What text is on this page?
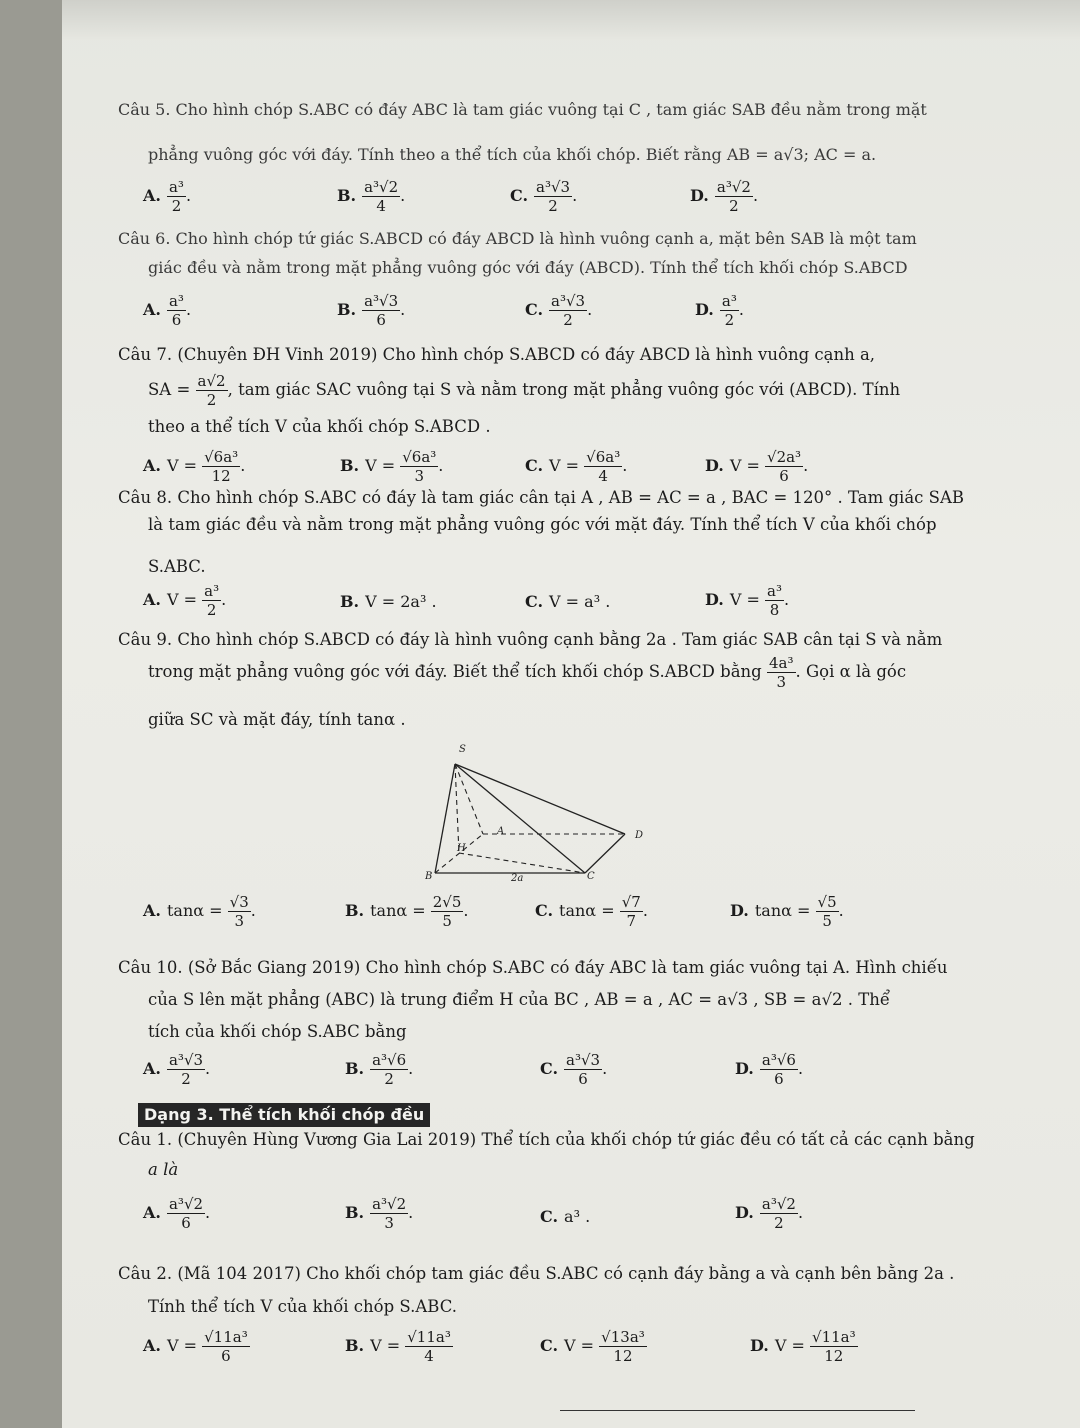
Câu 5. Cho hình chóp S.ABC có đáy ABC là tam giác vuông tại C , tam giác SAB đều nằm trong mặt
phẳng vuông góc với đáy. Tính theo a thể tích của khối chóp. Biết rằng AB = a√3; AC = a.
A. $\frac{\text{a³}}{2}$ .	B. $\frac{\text{a³√2}}{4}$ .	C. $\frac{\text{a³√3}}{2}$ .	D. $\frac{\text{a³√2}}{2}$ .
Câu 6. Cho hình chóp tứ giác S.ABCD có đáy ABCD là hình vuông cạnh a, mặt bên SAB là một tam
giác đều và nằm trong mặt phẳng vuông góc với đáy (ABCD). Tính thể tích khối chóp S.ABCD
A. $\frac{\text{a³}}{6}$ .	B. $\frac{\text{a³√3}}{6}$ .	C. $\frac{\text{a³√3}}{2}$ .	D. $\frac{\text{a³}}{2}$ .
Câu 7. (Chuyên ĐH Vinh 2019) Cho hình chóp S.ABCD có đáy ABCD là hình vuông cạnh a,
SA = $\frac{a√2}{2}$ , tam giác SAC vuông tại S và nằm trong mặt phẳng vuông góc với (ABCD). Tính
theo a thể tích V của khối chóp S.ABCD .
A. $V = \frac{\text{√6a³}}{12}$ .	B. $V = \frac{\text{√6a³}}{3}$ .	C. $V = \frac{\text{√6a³}}{4}$ .	D. $V = \frac{\text{√2a³}}{6}$ .
Câu 8. Cho hình chóp S.ABC có đáy là tam giác cân tại A , AB = AC = a , BAC = 120° . Tam giác SAB
là tam giác đều và nằm trong mặt phẳng vuông góc với mặt đáy. Tính thể tích V của khối chóp
S.ABC.
A. $V = \frac{\text{a³}}{2}$ .	B. V = 2a³ .	C. V = a³ .	D. $V = \frac{\text{a³}}{8}$ .
Câu 9. Cho hình chóp S.ABCD có đáy là hình vuông cạnh bằng 2a . Tam giác SAB cân tại S và nằm
trong mặt phẳng vuông góc với đáy. Biết thể tích khối chóp S.ABCD bằng $\frac{\text{4a³}}{3}$ . Gọi α là góc
giữa SC và mặt đáy, tính tanα .
S
A	D
H
B	C
2a
A. $\tan\alpha = \frac{√3}{3}$ .	B. $\tan\alpha = \frac{2√5}{5}$ .	C. $\tan\alpha = \frac{√7}{7}$ .	D. $\tan\alpha = \frac{√5}{5}$ .
Câu 10. (Sở Bắc Giang 2019) Cho hình chóp S.ABC có đáy ABC là tam giác vuông tại A. Hình chiếu
của S lên mặt phẳng (ABC) là trung điểm H của BC , AB = a , AC = a√3 , SB = a√2 . Thể
tích của khối chóp S.ABC bằng
A. $\frac{\text{a³√3}}{2}$ .	B. $\frac{\text{a³√6}}{2}$ .	C. $\frac{\text{a³√3}}{6}$ .	D. $\frac{\text{a³√6}}{6}$ .
Dạng 3. Thể tích khối chóp đều
Câu 1. (Chuyên Hùng Vương Gia Lai 2019) Thể tích của khối chóp tứ giác đều có tất cả các cạnh bằng
a là
A. $\frac{\text{a³√2}}{6}$ .	B. $\frac{\text{a³√2}}{3}$ .	C. a³ .	D. $\frac{\text{a³√2}}{2}$ .
Câu 2. (Mã 104 2017) Cho khối chóp tam giác đều S.ABC có cạnh đáy bằng a và cạnh bên bằng 2a .
Tính thể tích V của khối chóp S.ABC.
A. $V = \frac{\text{√11a³}}{6}$	B. $V = \frac{\text{√11a³}}{4}$	C. $V = \frac{\text{√13a³}}{12}$	D. $V = \frac{\text{√11a³}}{12}$
